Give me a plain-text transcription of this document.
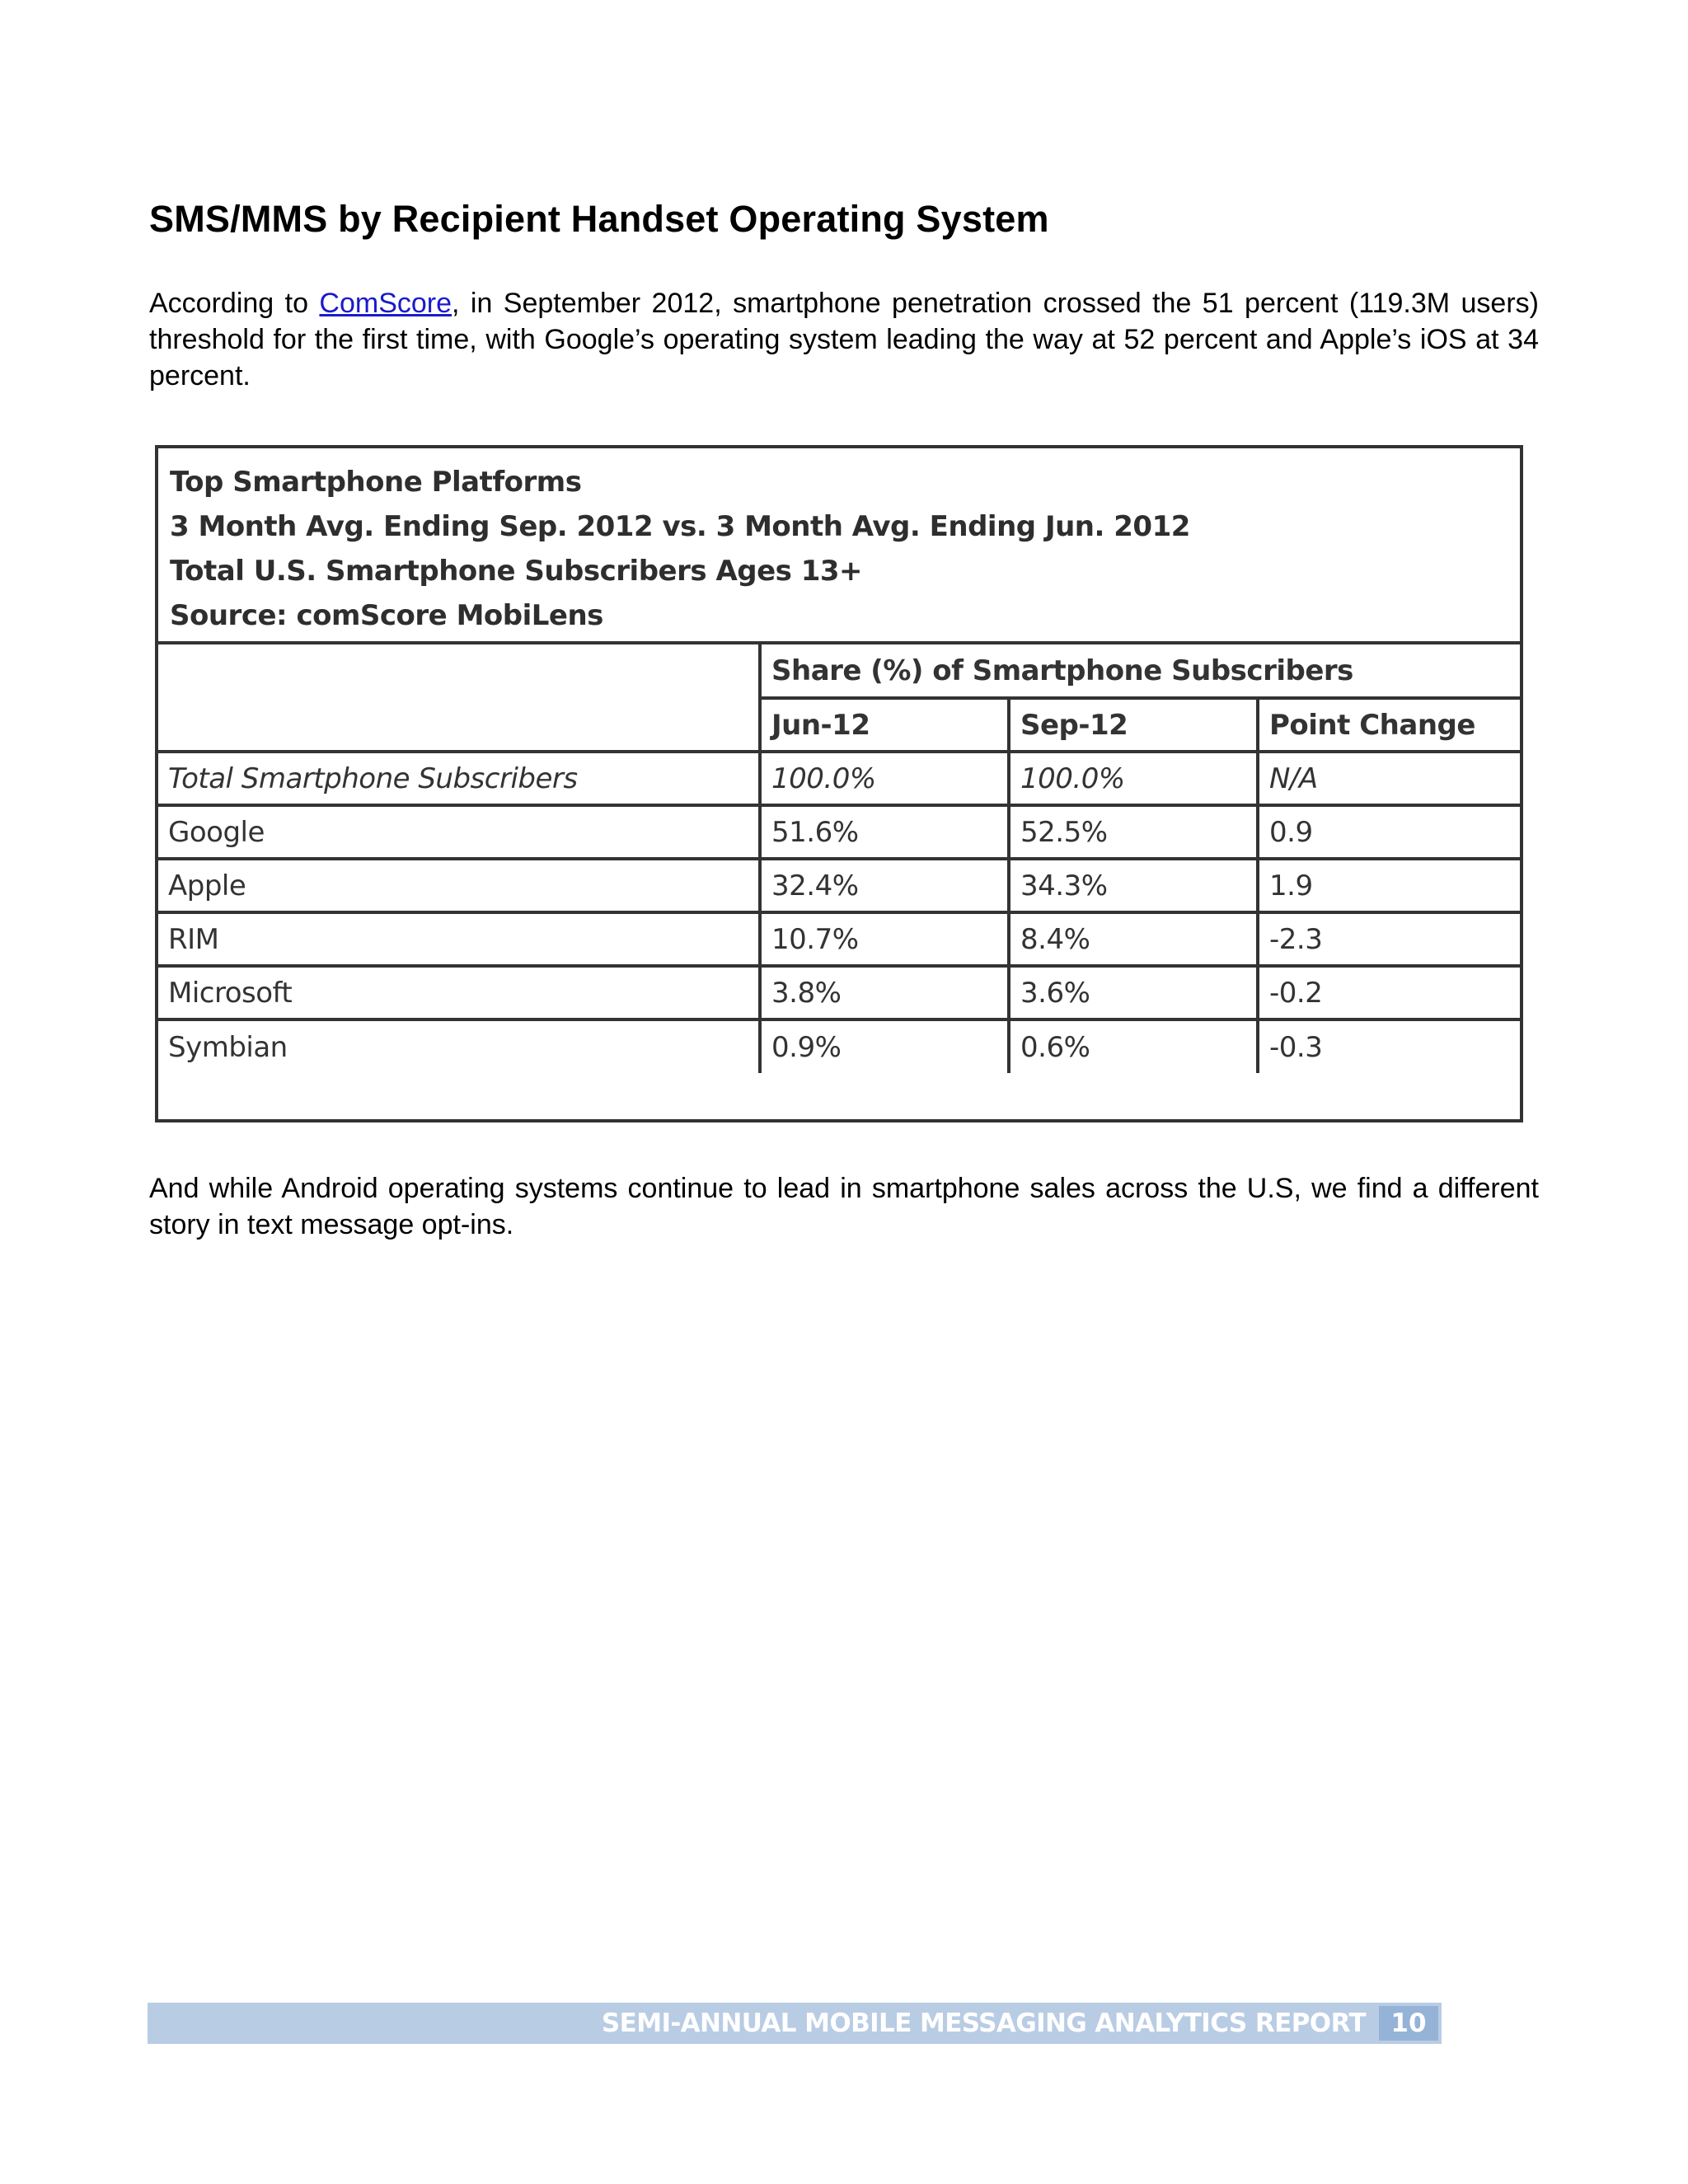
SMS/MMS by Recipient Handset Operating System

According to ComScore, in September 2012, smartphone penetration crossed the 51 percent (119.3M users) threshold for the first time, with Google’s operating system leading the way at 52 percent and Apple’s iOS at 34 percent.

Top Smartphone Platforms
3 Month Avg. Ending Sep. 2012 vs. 3 Month Avg. Ending Jun. 2012
Total U.S. Smartphone Subscribers Ages 13+
Source: comScore MobiLens
	Share (%) of Smartphone Subscribers		
	Jun-12	Sep-12	Point Change
Total Smartphone Subscribers	100.0%	100.0%	N/A
Google	51.6%	52.5%	0.9
Apple	32.4%	34.3%	1.9
RIM	10.7%	8.4%	-2.3
Microsoft	3.8%	3.6%	-0.2
Symbian	0.9%	0.6%	-0.3

And while Android operating systems continue to lead in smartphone sales across the U.S, we find a different story in text message opt-ins.

SEMI-ANNUAL MOBILE MESSAGING ANALYTICS REPORT 10
